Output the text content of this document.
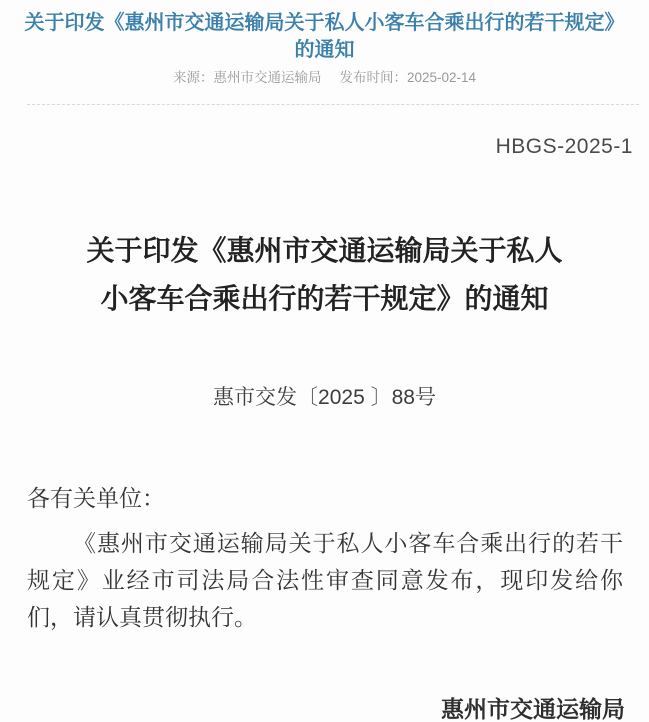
关于印发《惠州市交通运输局关于私人小客车合乘出行的若干规定》
的通知
来源：惠州市交通运输局 发布时间：2025-02-14
HBGS-2025-1
关于印发《惠州市交通运输局关于私人
小客车合乘出行的若干规定》的通知
惠市交发〔2025 〕88号
各有关单位：

《惠州市交通运输局关于私人小客车合乘出行的若干规定》业经市司法局合法性审查同意发布，现印发给你们，请认真贯彻执行。

惠州市交通运输局
